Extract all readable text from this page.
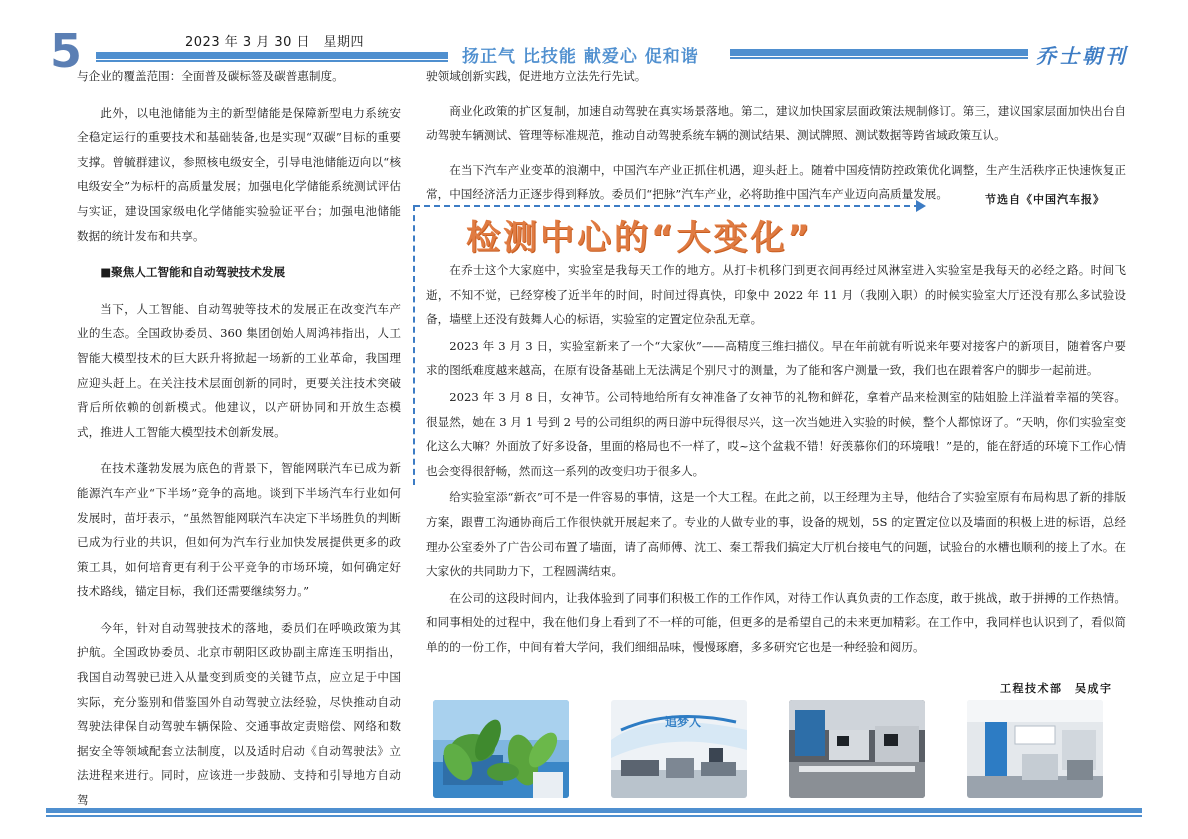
5	2023 年 3 月 30 日　星期四
扬正气 比技能 献爱心 促和谐	乔士朝刊

与企业的覆盖范围：全面普及碳标签及碳普惠制度。

此外，以电池储能为主的新型储能是保障新型电力系统安全稳定运行的重要技术和基础装备,也是实现“双碳”目标的重要支撑。曾毓群建议，参照核电级安全，引导电池储能迈向以“核电级安全”为标杆的高质量发展；加强电化学储能系统测试评估与实证，建设国家级电化学储能实验验证平台；加强电池储能数据的统计发布和共享。

■聚焦人工智能和自动驾驶技术发展

当下，人工智能、自动驾驶等技术的发展正在改变汽车产业的生态。全国政协委员、360 集团创始人周鸿祎指出，人工智能大模型技术的巨大跃升将掀起一场新的工业革命，我国理应迎头赶上。在关注技术层面创新的同时，更要关注技术突破背后所依赖的创新模式。他建议，以产研协同和开放生态模式，推进人工智能大模型技术创新发展。

在技术蓬勃发展为底色的背景下，智能网联汽车已成为新能源汽车产业“下半场”竞争的高地。谈到下半场汽车行业如何发展时，苗圩表示，“虽然智能网联汽车决定下半场胜负的判断已成为行业的共识，但如何为汽车行业加快发展提供更多的政策工具，如何培育更有利于公平竞争的市场环境，如何确定好技术路线，锚定目标，我们还需要继续努力。”

今年，针对自动驾驶技术的落地，委员们在呼唤政策为其护航。全国政协委员、北京市朝阳区政协副主席连玉明指出，我国自动驾驶已进入从量变到质变的关键节点，应立足于中国实际，充分鉴别和借鉴国外自动驾驶立法经验，尽快推动自动驾驶法律保自动驾驶车辆保险、交通事故定责赔偿、网络和数据安全等领域配套立法制度，以及适时启动《自动驾驶法》立法进程来进行。同时，应该进一步鼓励、支持和引导地方自动驾

驶领域创新实践，促进地方立法先行先试。

商业化政策的扩区复制，加速自动驾驶在真实场景落地。第二，建议加快国家层面政策法规制修订。第三，建议国家层面加快出台自动驾驶车辆测试、管理等标准规范，推动自动驾驶系统车辆的测试结果、测试牌照、测试数据等跨省域政策互认。

在当下汽车产业变革的浪潮中，中国汽车产业正抓住机遇，迎头赶上。随着中国疫情防控政策优化调整，生产生活秩序正快速恢复正常，中国经济活力正逐步得到释放。委员们“把脉”汽车产业，必将助推中国汽车产业迈向高质量发展。	节选自《中国汽车报》
检测中心的“大变化”

在乔士这个大家庭中，实验室是我每天工作的地方。从打卡机移门到更衣间再经过风淋室进入实验室是我每天的必经之路。时间飞逝，不知不觉，已经穿梭了近半年的时间，时间过得真快，印象中 2022 年 11 月（我刚入职）的时候实验室大厅还没有那么多试验设备，墙壁上还没有鼓舞人心的标语，实验室的定置定位杂乱无章。

2023 年 3 月 3 日，实验室新来了一个“大家伙”——高精度三维扫描仪。早在年前就有听说来年要对接客户的新项目，随着客户要求的图纸难度越来越高，在原有设备基础上无法满足个别尺寸的测量，为了能和客户测量一致，我们也在跟着客户的脚步一起前进。

2023 年 3 月 8 日，女神节。公司特地给所有女神准备了女神节的礼物和鲜花，拿着产品来检测室的陆姐脸上洋溢着幸福的笑容。很显然，她在 3 月 1 号到 2 号的公司组织的两日游中玩得很尽兴，这一次当她进入实验的时候，整个人都惊讶了。“天呐，你们实验室变化这么大嘛？外面放了好多设备，里面的格局也不一样了，哎~这个盆栽不错！好羡慕你们的环境哦！”是的，能在舒适的环境下工作心情也会变得很舒畅，然而这一系列的改变归功于很多人。

给实验室添“新衣”可不是一件容易的事情，这是一个大工程。在此之前，以王经理为主导，他结合了实验室原有布局构思了新的排版方案，跟曹工沟通协商后工作很快就开展起来了。专业的人做专业的事，设备的规划，5S 的定置定位以及墙面的积极上进的标语，总经理办公室委外了广告公司布置了墙面，请了高师傅、沈工、秦工帮我们搞定大厅机台接电气的问题，试验台的水槽也顺利的接上了水。在大家伙的共同助力下，工程圆满结束。

在公司的这段时间内，让我体验到了同事们积极工作的工作作风，对待工作认真负责的工作态度，敢于挑战，敢于拼搏的工作热情。和同事相处的过程中，我在他们身上看到了不一样的可能，但更多的是希望自己的未来更加精彩。在工作中，我同样也认识到了，看似简单的的一份工作，中间有着大学问，我们细细品味，慢慢琢磨，多多研究它也是一种经验和阅历。

工程技术部　吴成宇
追梦人
